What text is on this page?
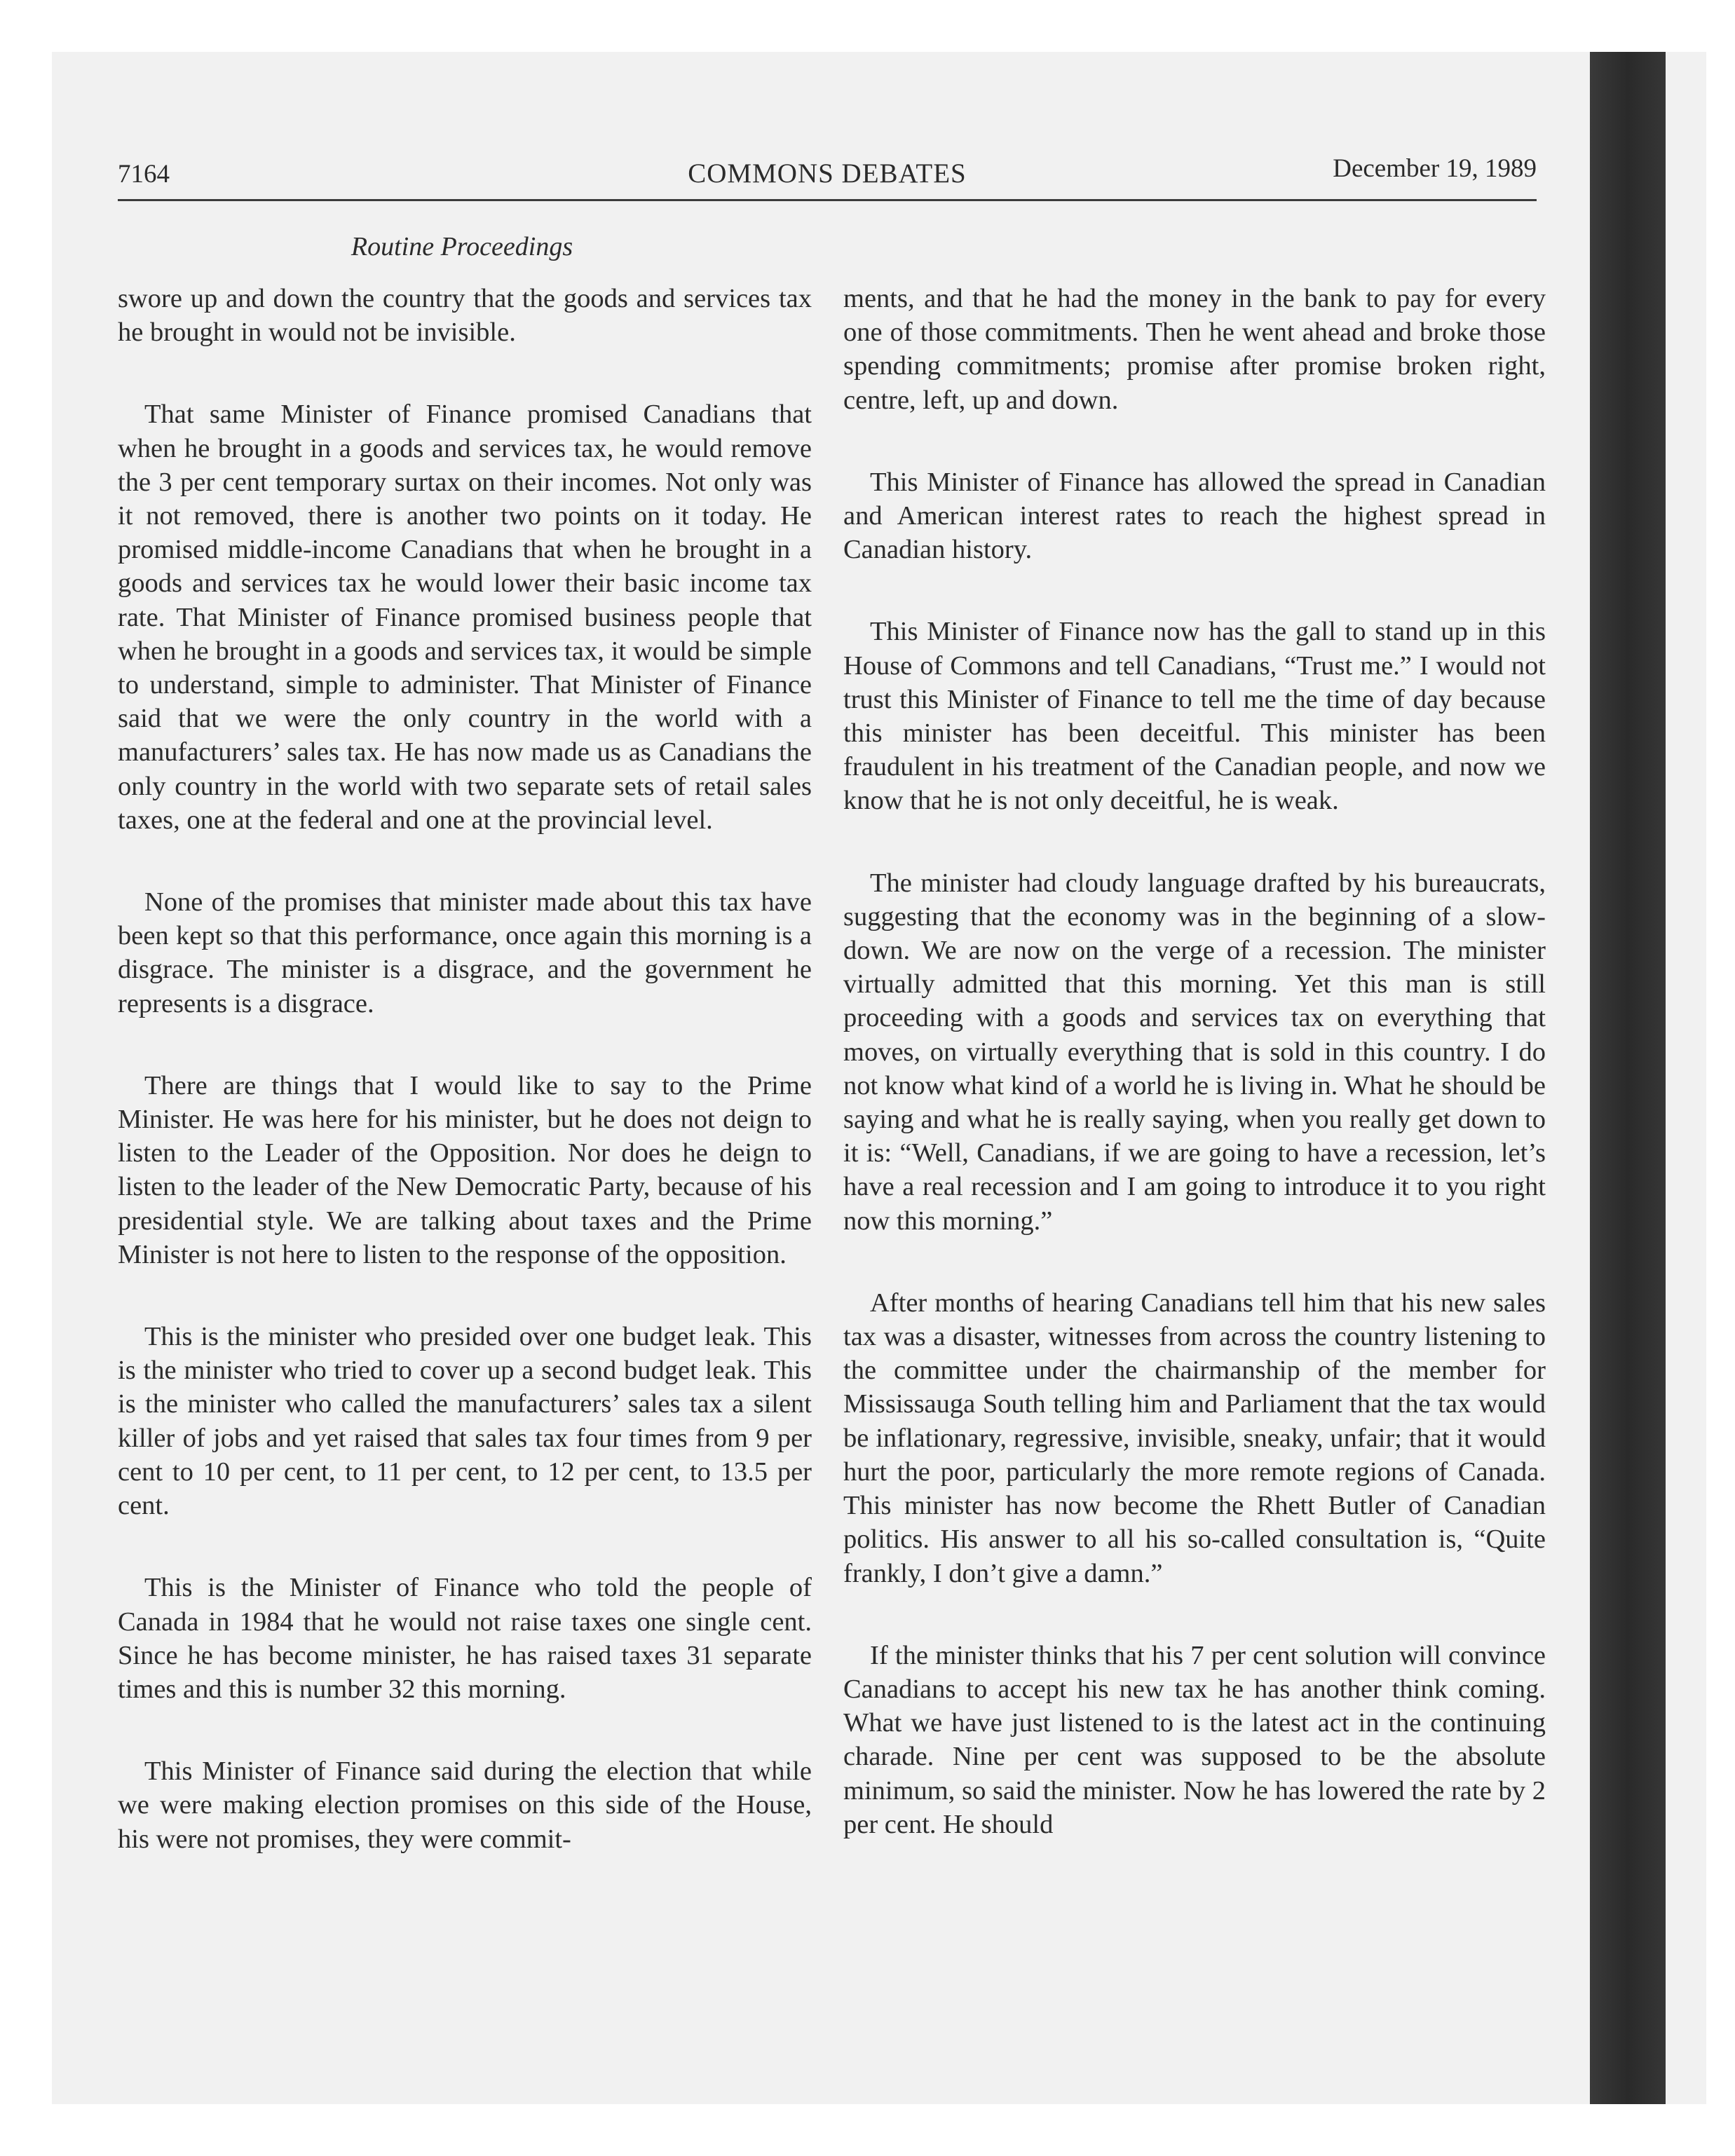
7164	COMMONS DEBATES	December 19, 1989
Routine Proceedings

swore up and down the country that the goods and services tax he brought in would not be invisible.

That same Minister of Finance promised Canadians that when he brought in a goods and services tax, he would remove the 3 per cent temporary surtax on their incomes. Not only was it not removed, there is another two points on it today. He promised middle-income Canadians that when he brought in a goods and services tax he would lower their basic income tax rate. That Minister of Finance promised business people that when he brought in a goods and services tax, it would be simple to understand, simple to administer. That Minister of Finance said that we were the only country in the world with a manufacturers’ sales tax. He has now made us as Canadians the only country in the world with two separate sets of retail sales taxes, one at the federal and one at the provincial level.

None of the promises that minister made about this tax have been kept so that this performance, once again this morning is a disgrace. The minister is a disgrace, and the government he represents is a disgrace.

There are things that I would like to say to the Prime Minister. He was here for his minister, but he does not deign to listen to the Leader of the Opposition. Nor does he deign to listen to the leader of the New Democratic Party, because of his presidential style. We are talking about taxes and the Prime Minister is not here to listen to the response of the opposition.

This is the minister who presided over one budget leak. This is the minister who tried to cover up a second budget leak. This is the minister who called the manufacturers’ sales tax a silent killer of jobs and yet raised that sales tax four times from 9 per cent to 10 per cent, to 11 per cent, to 12 per cent, to 13.5 per cent.

This is the Minister of Finance who told the people of Canada in 1984 that he would not raise taxes one single cent. Since he has become minister, he has raised taxes 31 separate times and this is number 32 this morning.

This Minister of Finance said during the election that while we were making election promises on this side of the House, his were not promises, they were commit-

ments, and that he had the money in the bank to pay for every one of those commitments. Then he went ahead and broke those spending commitments; promise after promise broken right, centre, left, up and down.

This Minister of Finance has allowed the spread in Canadian and American interest rates to reach the highest spread in Canadian history.

This Minister of Finance now has the gall to stand up in this House of Commons and tell Canadians, “Trust me.” I would not trust this Minister of Finance to tell me the time of day because this minister has been deceitful. This minister has been fraudulent in his treatment of the Canadian people, and now we know that he is not only deceitful, he is weak.

The minister had cloudy language drafted by his bureaucrats, suggesting that the economy was in the beginning of a slow-down. We are now on the verge of a recession. The minister virtually admitted that this morning. Yet this man is still proceeding with a goods and services tax on everything that moves, on virtually everything that is sold in this country. I do not know what kind of a world he is living in. What he should be saying and what he is really saying, when you really get down to it is: “Well, Canadians, if we are going to have a recession, let’s have a real recession and I am going to introduce it to you right now this morning.”

After months of hearing Canadians tell him that his new sales tax was a disaster, witnesses from across the country listening to the committee under the chairmanship of the member for Mississauga South telling him and Parliament that the tax would be inflationary, regressive, invisible, sneaky, unfair; that it would hurt the poor, particularly the more remote regions of Canada. This minister has now become the Rhett Butler of Canadian politics. His answer to all his so-called consultation is, “Quite frankly, I don’t give a damn.”

If the minister thinks that his 7 per cent solution will convince Canadians to accept his new tax he has another think coming. What we have just listened to is the latest act in the continuing charade. Nine per cent was supposed to be the absolute minimum, so said the minister. Now he has lowered the rate by 2 per cent. He should
